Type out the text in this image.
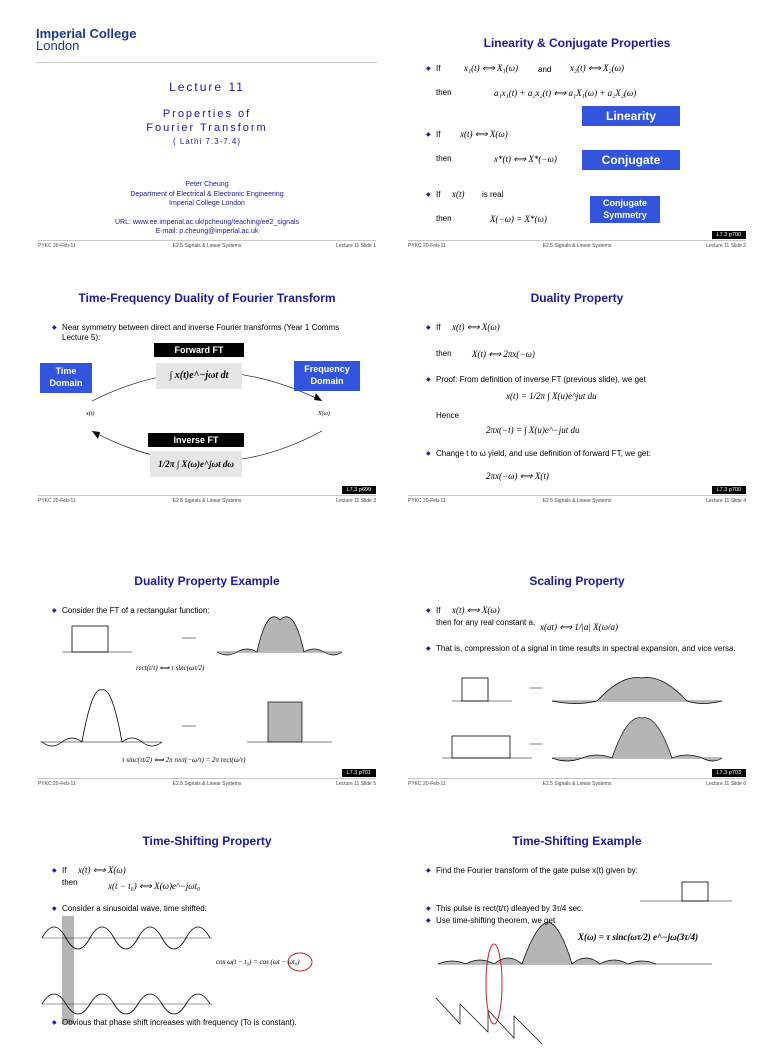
Imperial College
London
Lecture 11
Properties of
Fourier Transform
( Lathi 7.3-7.4)
Peter Cheung
Department of Electrical & Electronic Engineering
Imperial College London
URL: www.ee.imperial.ac.uk/pcheung/teaching/ee2_signals
E-mail: p.cheung@imperial.ac.uk
PYKC 20-Feb-11	E2.5 Signals & Linear Systems	Lecture 11 Slide 1
Linearity & Conjugate Properties
◆ If	x₁(t) ⟺ X₁(ω)	and x₂(t) ⟺ X₂(ω)
then	a₁x₁(t) + a₂x₂(t) ⟺ a₁X₁(ω) + a₂X₂(ω)
Linearity
◆ If x(t) ⟺ X(ω)
then	x*(t) ⟺ X*(−ω)	Conjugate
◆ If x(t) is real
Conjugate Symmetry
then	X(−ω) = X*(ω)
L7.3 p700
PYKC 20-Feb-11	E2.5 Signals & Linear Systems	Lecture 11 Slide 2
Time-Frequency Duality of Fourier Transform
◆ Near symmetry between direct and inverse Fourier transforms (Year 1 Comms Lecture 5):
Forward FT
∫ x(t)e^−jωt dt
Time Domain
Frequency Domain
x(t)	X(ω)
Inverse FT
1/2π ∫ X(ω)e^jωt dω
L7.3 p699
PYKC 20-Feb-11	E2.5 Signals & Linear Systems	Lecture 11 Slide 3
Duality Property
◆ If x(t) ⟺ X(ω)
then X(t) ⟺ 2πx(−ω)
◆ Proof: From definition of inverse FT (previous slide), we get
x(t) = 1/2π ∫ X(u)e^jut du
Hence
2πx(−t) = ∫ X(u)e^−jut du
◆ Change t to ω yield, and use definition of forward FT, we get:
2πx(−ω) ⟺ X(t)
L7.3 p700
PYKC 20-Feb-11	E2.5 Signals & Linear Systems	Lecture 11 Slide 4
Duality Property Example
◆ Consider the FT of a rectangular function:
rect(t/τ) ⟺ τ sinc(ωτ/2)
τ sinc(τt/2) ⟺ 2π rect(−ω/τ) = 2π rect(ω/τ)
L7.3 p701
PYKC 20-Feb-11	E2.5 Signals & Linear Systems	Lecture 11 Slide 5
Scaling Property
◆ If x(t) ⟺ X(ω)
then for any real constant a, x(at) ⟺ 1/|a| X(ω/a)
◆ That is, compression of a signal in time results in spectral expansion, and vice versa.
L7.3 p703
PYKC 20-Feb-11	E2.5 Signals & Linear Systems	Lecture 11 Slide 6
Time-Shifting Property
◆ If x(t) ⟺ X(ω)
then	x(t − t₀) ⟺ X(ω)e^−jωt₀
◆ Consider a sinusoidal wave, time shifted:
cos ω(t − t₀) = cos (ωt − ωt₀)
◆ Obvious that phase shift increases with frequency (To is constant).
Time-Shifting Example
◆ Find the Fourier transform of the gate pulse x(t) given by:
◆ This pulse is rect(t/τ) dleayed by 3τ/4 sec.
◆ Use time-shifting theorem, we get
X(ω) = τ sinc(ωτ/2) e^−jω(3τ/4)
